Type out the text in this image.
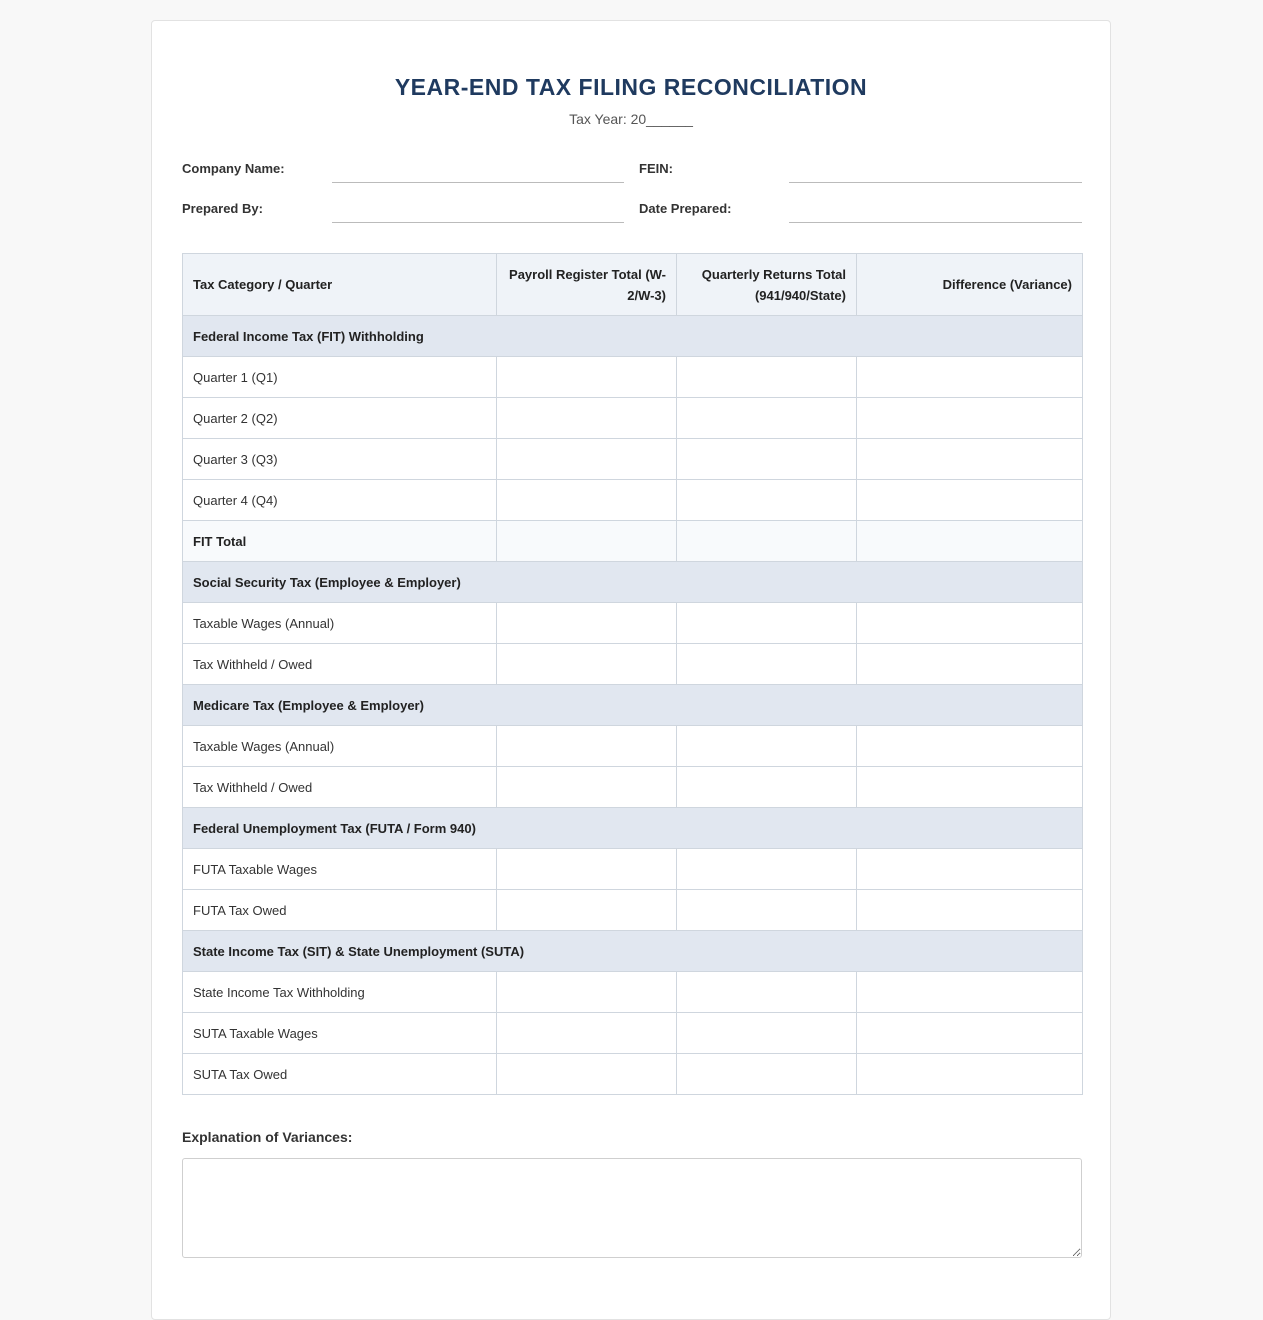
YEAR-END TAX FILING RECONCILIATION
Tax Year: 20______
Company Name:	FEIN:
Prepared By:	Date Prepared:
Tax Category / Quarter	Payroll Register Total (W-2/W-3)	Quarterly Returns Total (941/940/State)	Difference (Variance)
Federal Income Tax (FIT) Withholding			
Quarter 1 (Q1)			
Quarter 2 (Q2)			
Quarter 3 (Q3)			
Quarter 4 (Q4)			
FIT Total			
Social Security Tax (Employee & Employer)			
Taxable Wages (Annual)			
Tax Withheld / Owed			
Medicare Tax (Employee & Employer)			
Taxable Wages (Annual)			
Tax Withheld / Owed			
Federal Unemployment Tax (FUTA / Form 940)			
FUTA Taxable Wages			
FUTA Tax Owed			
State Income Tax (SIT) & State Unemployment (SUTA)			
State Income Tax Withholding			
SUTA Taxable Wages			
SUTA Tax Owed			
Explanation of Variances:
